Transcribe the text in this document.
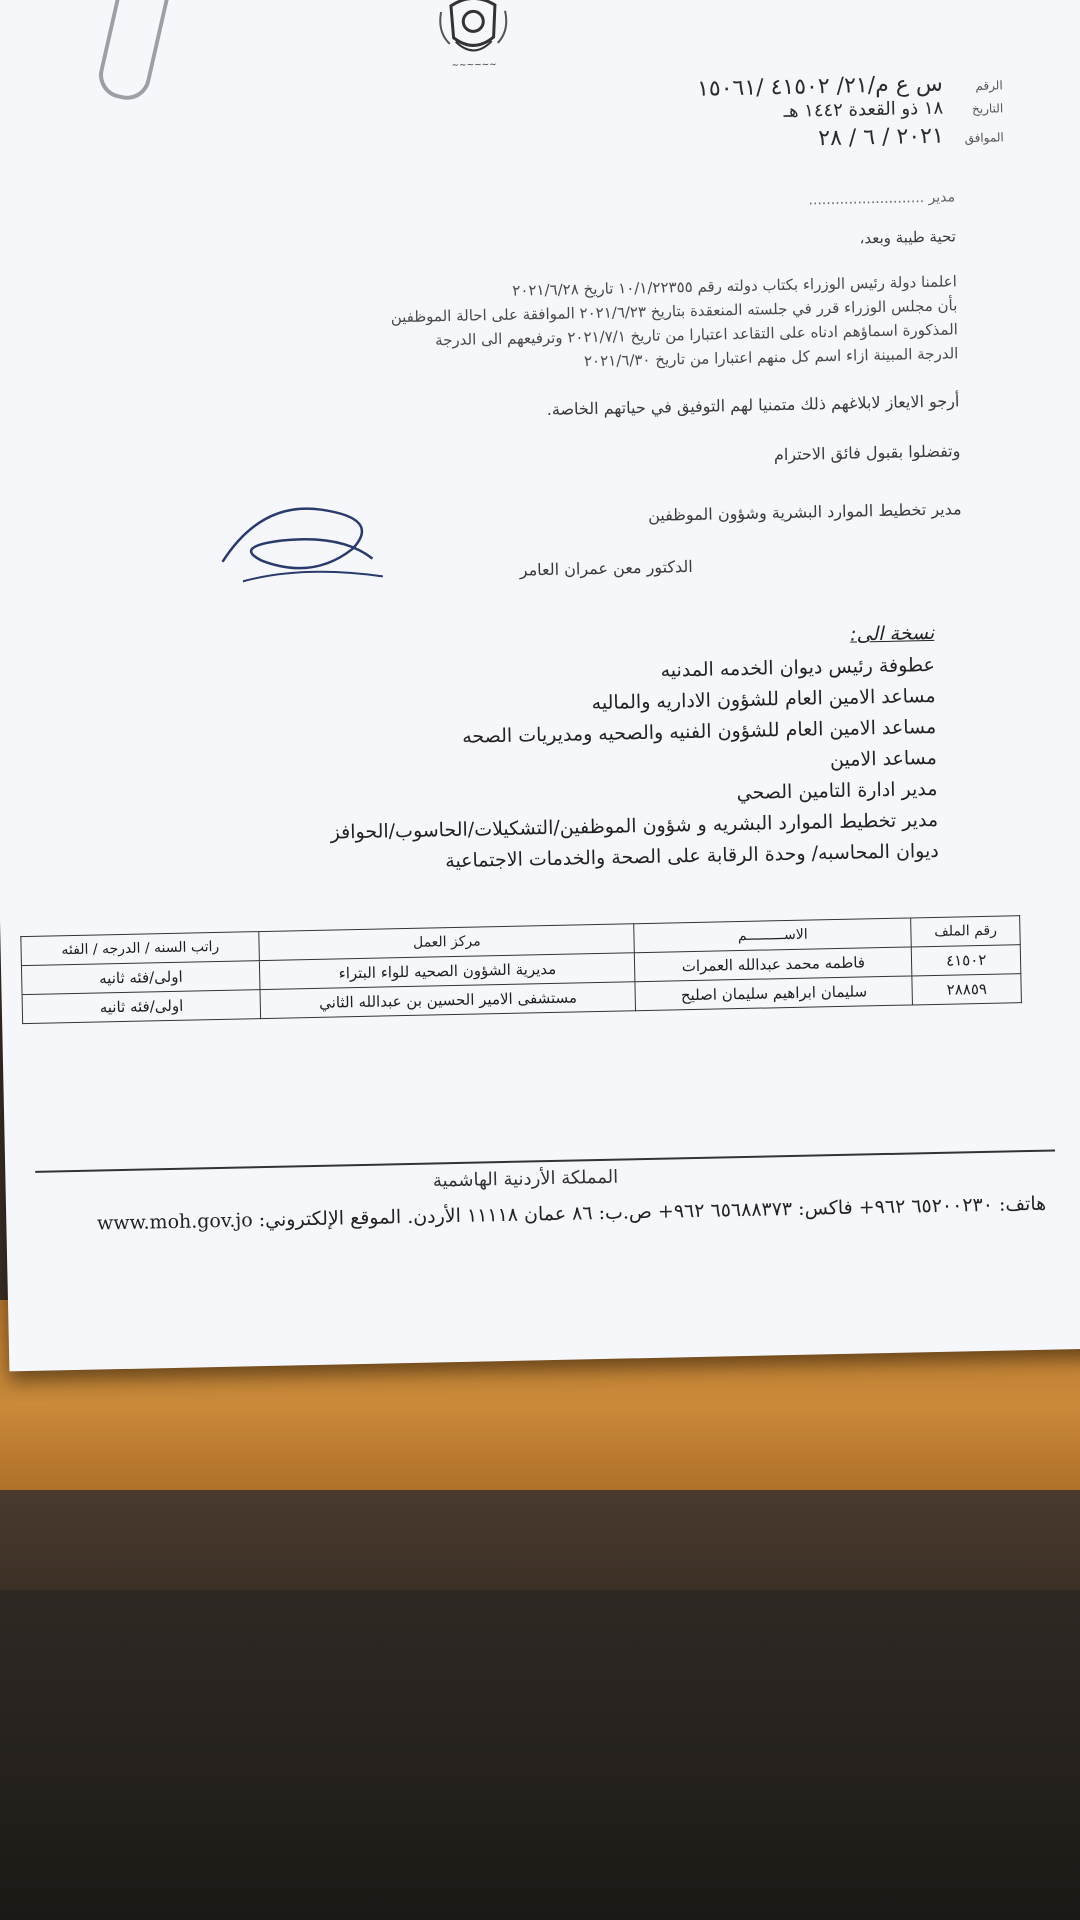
~~~~~~
الرقم
س ع م/٢١/ ٤١٥٠٢ /١٥٠٦١
التاريخ
١٨ ذو القعدة ١٤٤٢ هـ
الموافق
٢٠٢١ / ٦ / ٢٨
مدير ..........................
تحية طيبة وبعد،
اعلمنا دولة رئيس الوزراء بكتاب دولته رقم ١٠/١/٢٢٣٥٥ تاريخ ٢٠٢١/٦/٢٨
بأن مجلس الوزراء قرر في جلسته المنعقدة بتاريخ ٢٠٢١/٦/٢٣ الموافقة على احالة الموظفين
المذكورة اسماؤهم ادناه على التقاعد اعتبارا من تاريخ ٢٠٢١/٧/١ وترفيعهم الى الدرجة
الدرجة المبينة ازاء اسم كل منهم اعتبارا من تاريخ ٢٠٢١/٦/٣٠
أرجو الايعاز لابلاغهم ذلك متمنيا لهم التوفيق في حياتهم الخاصة.
وتفضلوا بقبول فائق الاحترام
مدير تخطيط الموارد البشرية وشؤون الموظفين
الدكتور معن عمران العامر
نسخة الى:
عطوفة رئيس ديوان الخدمه المدنيه
مساعد الامين العام للشؤون الاداريه والماليه
مساعد الامين العام للشؤون الفنيه والصحيه ومديريات الصحه
مساعد الامين
مدير ادارة التامين الصحي
مدير تخطيط الموارد البشريه و شؤون الموظفين/التشكيلات/الحاسوب/الحوافز
ديوان المحاسبه/ وحدة الرقابة على الصحة والخدمات الاجتماعية
رقم الملف	الاســـــــــم	مركز العمل	راتب السنه / الدرجه / الفئه
٤١٥٠٢	فاطمه محمد عبدالله العمرات	مديرية الشؤون الصحيه للواء البتراء	اولى/فئه ثانيه
٢٨٨٥٩	سليمان ابراهيم سليمان اصليح	مستشفى الامير الحسين بن عبدالله الثاني	اولى/فئه ثانيه
المملكة الأردنية الهاشمية
هاتف: ٦٥٢٠٠٢٣٠ ٩٦٢+ فاكس: ٦٥٦٨٨٣٧٣ ٩٦٢+ ص.ب: ٨٦ عمان ١١١١٨ الأردن. الموقع الإلكتروني: www.moh.gov.jo
